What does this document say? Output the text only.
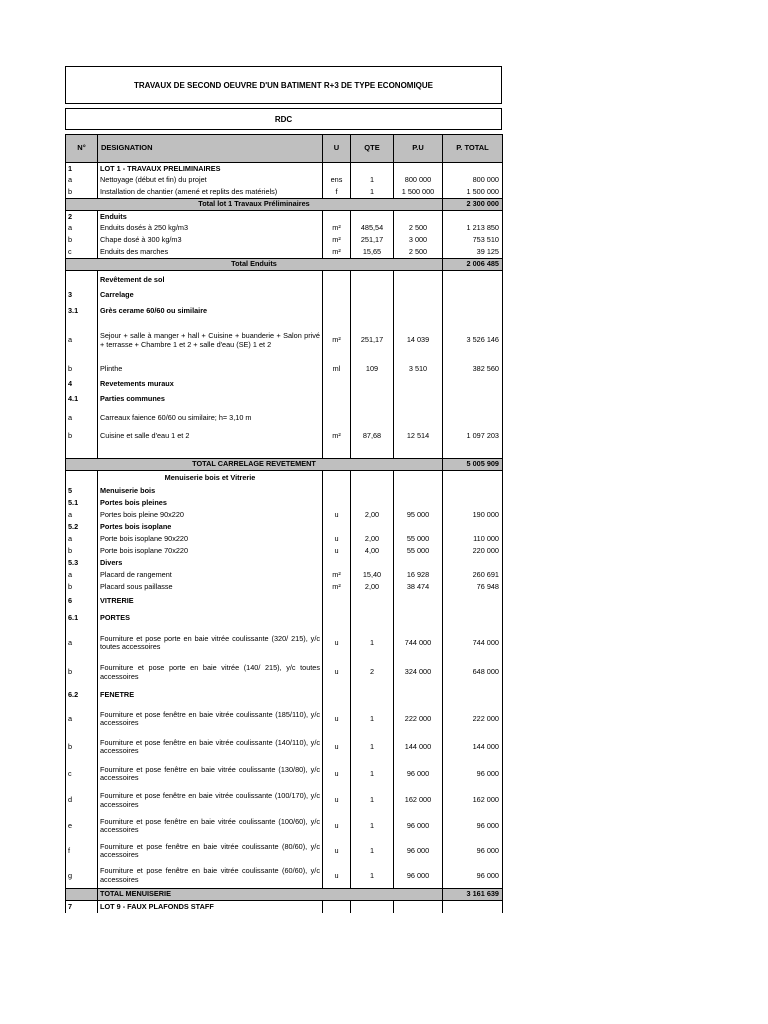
TRAVAUX DE SECOND OEUVRE D'UN BATIMENT R+3 DE TYPE ECONOMIQUE
RDC
N°	DESIGNATION	U	QTE	P.U	P. TOTAL
1	LOT 1 - TRAVAUX PRELIMINAIRES				
a	Nettoyage (début et fin) du projet	ens	1	800 000	800 000
b	Installation de chantier (amené et replits des matériels)	f	1	1 500 000	1 500 000
Total lot 1 Travaux Préliminaires					2 300 000
2	Enduits				
a	Enduits dosés à 250 kg/m3	m²	485,54	2 500	1 213 850
b	Chape dosé à 300 kg/m3	m²	251,17	3 000	753 510
c	Enduits des marches	m²	15,65	2 500	39 125
Total Enduits					2 006 485
	Revêtement de sol				
3	Carrelage				
3.1	Grès cerame 60/60 ou similaire				
a	Sejour + salle à manger + hall + Cuisine + buanderie + Salon privé + terrasse + Chambre 1 et 2 + salle d'eau (SE) 1 et 2	m²	251,17	14 039	3 526 146
b	Plinthe	ml	109	3 510	382 560
4	Revetements muraux				
4.1	Parties communes				
a	Carreaux faience 60/60 ou similaire; h= 3,10 m				
b	Cuisine et salle d'eau 1 et 2	m²	87,68	12 514	1 097 203

TOTAL CARRELAGE REVETEMENT					5 005 909
	Menuiserie bois et Vitrerie				
5	Menuiserie bois				
5.1	Portes bois pleines				
a	Portes bois pleine 90x220	u	2,00	95 000	190 000
5.2	Portes bois isoplane				
a	Porte bois isoplane 90x220	u	2,00	55 000	110 000
b	Porte bois isoplane 70x220	u	4,00	55 000	220 000
5.3	Divers				
a	Placard de rangement	m²	15,40	16 928	260 691
b	Placard sous paillasse	m²	2,00	38 474	76 948
6	VITRERIE				
6.1	PORTES				
a	Fourniture et pose porte en baie vitrée coulissante (320/ 215), y/c toutes accessoires	u	1	744 000	744 000
b	Fourniture et pose porte en baie vitrée (140/ 215), y/c toutes accessoires	u	2	324 000	648 000
6.2	FENETRE				
a	Fourniture et pose fenêtre en baie vitrée coulissante (185/110), y/c accessoires	u	1	222 000	222 000
b	Fourniture et pose fenêtre en baie vitrée coulissante (140/110), y/c accessoires	u	1	144 000	144 000
c	Fourniture et pose fenêtre en baie vitrée coulissante (130/80), y/c accessoires	u	1	96 000	96 000
d	Fourniture et pose fenêtre en baie vitrée coulissante (100/170), y/c accessoires	u	1	162 000	162 000
e	Fourniture et pose fenêtre en baie vitrée coulissante (100/60), y/c accessoires	u	1	96 000	96 000
f	Fourniture et pose fenêtre en baie vitrée coulissante (80/60), y/c accessoires	u	1	96 000	96 000
g	Fourniture et pose fenêtre en baie vitrée coulissante (60/60), y/c accessoires	u	1	96 000	96 000
	TOTAL MENUISERIE				3 161 639
7	LOT 9 - FAUX PLAFONDS STAFF				
